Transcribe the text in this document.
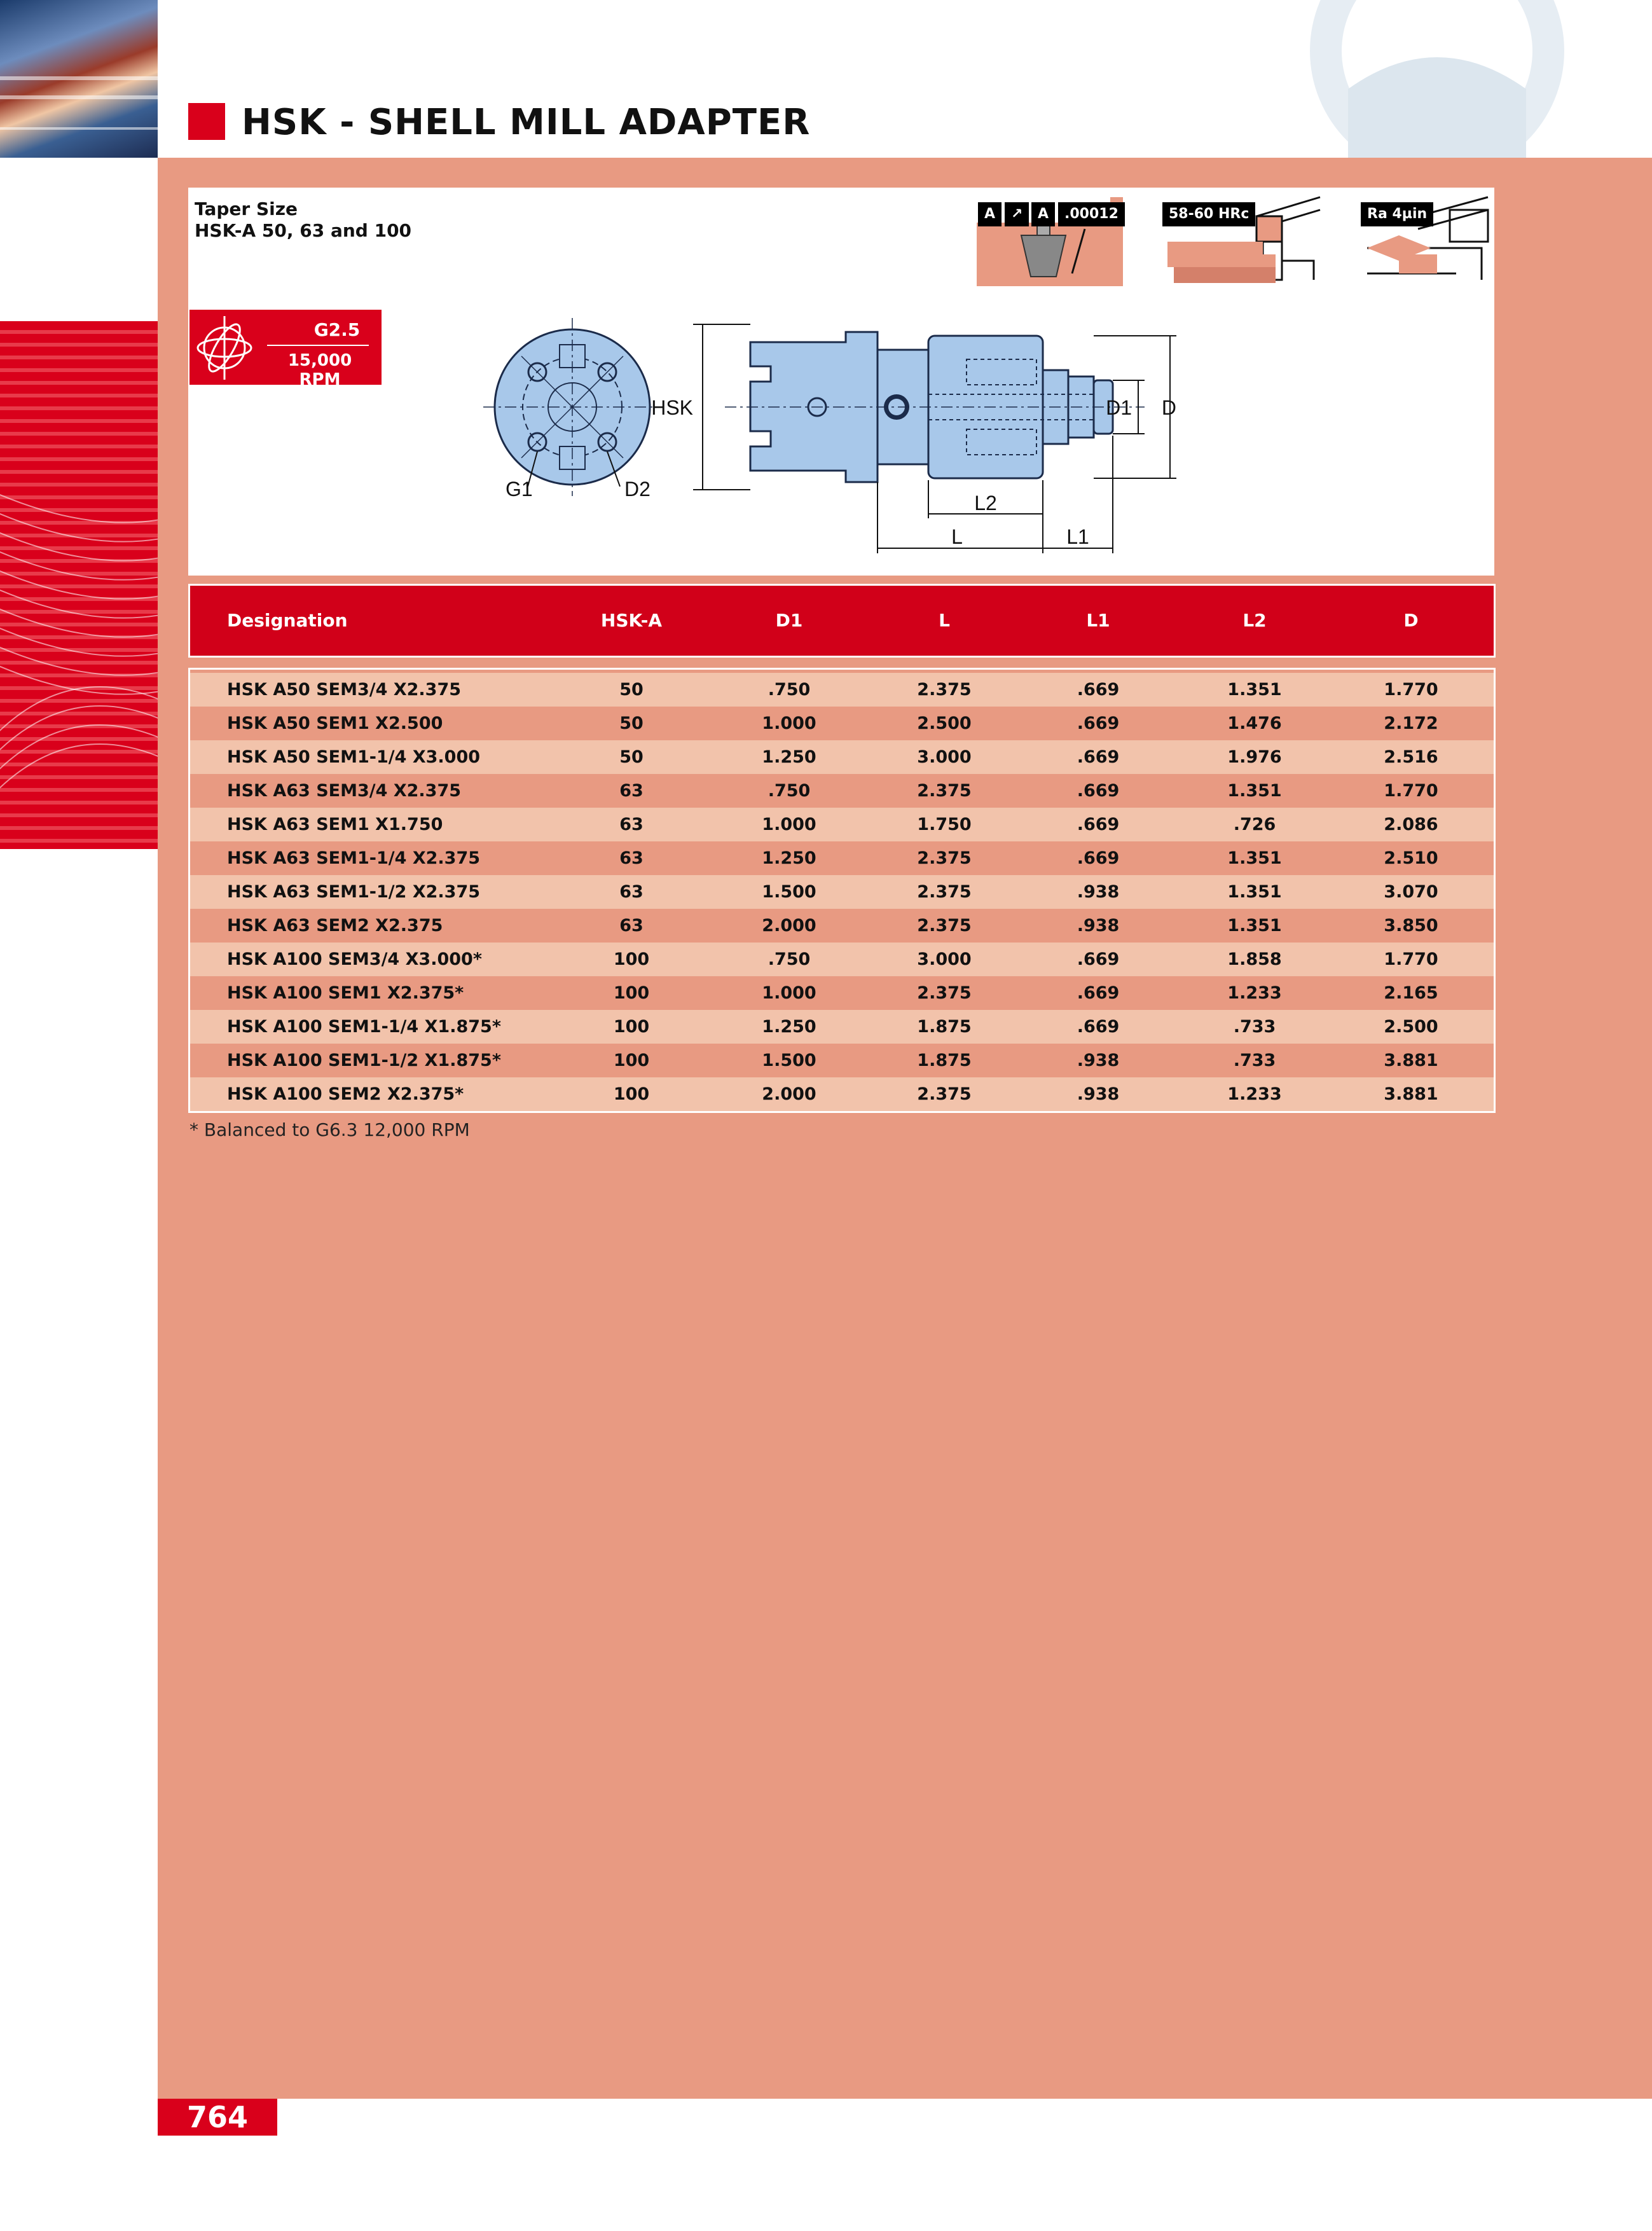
HSK - SHELL MILL ADAPTER
Taper Size
HSK-A 50, 63 and 100
G2.5
15,000 RPM
A	↗	A	.00012	58-60 HRc	Ra 4µin
G1	D2
HSK	D1 D
L2
L	L1
Designation	HSK-A	D1	L	L1	L2	D
HSK A50 SEM3/4 X2.375	50	.750	2.375	.669	1.351	1.770
HSK A50 SEM1 X2.500	50	1.000	2.500	.669	1.476	2.172
HSK A50 SEM1-1/4 X3.000	50	1.250	3.000	.669	1.976	2.516
HSK A63 SEM3/4 X2.375	63	.750	2.375	.669	1.351	1.770
HSK A63 SEM1 X1.750	63	1.000	1.750	.669	.726	2.086
HSK A63 SEM1-1/4 X2.375	63	1.250	2.375	.669	1.351	2.510
HSK A63 SEM1-1/2 X2.375	63	1.500	2.375	.938	1.351	3.070
HSK A63 SEM2 X2.375	63	2.000	2.375	.938	1.351	3.850
HSK A100 SEM3/4 X3.000*	100	.750	3.000	.669	1.858	1.770
HSK A100 SEM1 X2.375*	100	1.000	2.375	.669	1.233	2.165
HSK A100 SEM1-1/4 X1.875*	100	1.250	1.875	.669	.733	2.500
HSK A100 SEM1-1/2 X1.875*	100	1.500	1.875	.938	.733	3.881
HSK A100 SEM2 X2.375*	100	2.000	2.375	.938	1.233	3.881
* Balanced to G6.3 12,000 RPM
764
